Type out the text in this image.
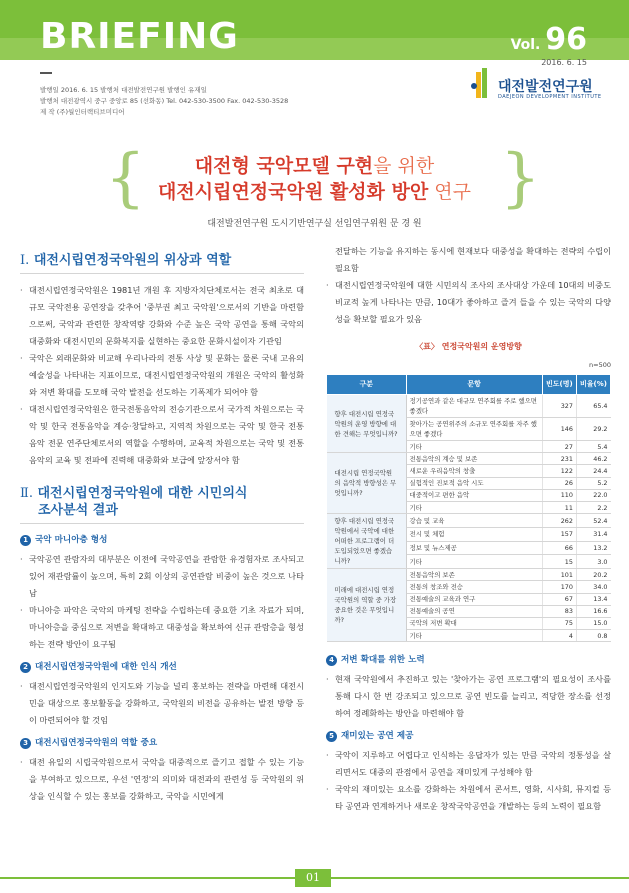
BRIEFING	Vol. 96
2016. 6. 15
발행일 2016. 6. 15 발행처 대전발전연구원 발행인 유재일
발행처 대전광역시 중구 중앙로 85 (선화동) Tel. 042-530-3500 Fax. 042-530-3528
제 작 (주)월인터랙티브미디어
대전발전연구원
DAEJEON DEVELOPMENT INSTITUTE
{	}
대전형 국악모델 구현을 위한
대전시립연정국악원 활성화 방안 연구
대전발전연구원 도시기반연구실 선임연구위원 문 경 원
Ⅰ. 대전시립연정국악원의 위상과 역할
· 대전시립연정국악원은 1981년 개원 후 지방자치단체로서는 전국 최초로 대규모 국악전용 공연장을 갖추어 '중부권 최고 국악원'으로서의 기반을 마련함으로써, 국악과 관련한 창작역량 강화와 수준 높은 국악 공연을 통해 국악의 대중화와 대전시민의 문화복지를 실현하는 중요한 문화시설이자 기관임
· 국악은 외래문화와 비교해 우리나라의 전통 사상 및 문화는 물론 국내 고유의 예술성을 나타내는 지표이므로, 대전시립연정국악원의 개원은 국악의 활성화와 저변 확대를 도모해 국악 발전을 선도하는 기폭제가 되어야 함
· 대전시립연정국악원은 한국전통음악의 전승기관으로서 국가적 차원으로는 국악 및 한국 전통음악을 계승·창달하고, 지역적 차원으로는 국악 및 한국 전통음악 전문 연주단체로서의 역할을 수행하며, 교육적 차원으로는 국악 및 전통음악의 교육 및 전파에 진력해 대중화와 보급에 앞장서야 함
Ⅱ. 대전시립연정국악원에 대한 시민의식
조사분석 결과
1 국악 마니아층 형성
· 국악공연 관람자의 대부분은 이전에 국악공연을 관람한 유경험자로 조사되고 있어 재관람률이 높으며, 특히 2회 이상의 공연관람 비중이 높은 것으로 나타남
· 마니아층 파악은 국악의 마케팅 전략을 수립하는데 중요한 기초 자료가 되며, 마니아층을 중심으로 저변을 확대하고 대중성을 확보하여 신규 관람층을 형성하는 전략 방안이 요구됨
2 대전시립연정국악원에 대한 인식 개선
· 대전시립연정국악원의 인지도와 기능을 널리 홍보하는 전략을 마련해 대전시민을 대상으로 홍보활동을 강화하고, 국악원의 비전을 공유하는 발전 방향 등이 마련되어야 할 것임
3 대전시립연정국악원의 역할 중요
· 대전 유일의 시립국악원으로서 국악을 대중적으로 즐기고 접할 수 있는 기능을 부여하고 있으므로, 우선 '연정'의 의미와 대전과의 관련성 등 국악원의 위상을 인식할 수 있는 홍보를 강화하고, 국악을 시민에게
전달하는 기능을 유지하는 동시에 현재보다 대중성을 확대하는 전략의 수립이 필요함
· 대전시립연정국악원에 대한 시민의식 조사의 조사대상 가운데 10대의 비중도 비교적 높게 나타나는 만큼, 10대가 좋아하고 즐겨 들을 수 있는 국악의 다양성을 확보할 필요가 있음
〈표〉 연정국악원의 운영방향
n=500
구분	문항	빈도(명)	비율(%)
향후 대전시립 연정국악원의 운영 방향에 대한 견해는 무엇입니까?	정기공연과 같은 대규모 연주회를 주로 했으면 좋겠다	327	65.4
	찾아가는 공연위주의 소규모 연주회를 자주 했으면 좋겠다	146	29.2
	기타	27	5.4
대전시립 연정국악원의 음악적 방향성은 무엇입니까?	전통음악의 계승 및 보존	231	46.2
	새로운 우리음악의 창출	122	24.4
	실험적인 진보적 음악 시도	26	5.2
	대중적이고 편한 음악	110	22.0
	기타	11	2.2
향후 대전시립 연정국악원에서 국악에 대한 어떠한 프로그램이 더 도입되었으면 좋겠습니까?	강습 및 교육	262	52.4
	전시 및 체험	157	31.4
	정보 및 뉴스제공	66	13.2
	기타	15	3.0
미래에 대전시립 연정국악원의 역할 중 가장 중요한 것은 무엇입니까?	전통음악의 보존	101	20.2
	전통의 창조와 전승	170	34.0
	전통예술의 교육과 연구	67	13.4
	전통예술의 공연	83	16.6
	국악의 저변 확대	75	15.0
	기타	4	0.8
4 저변 확대를 위한 노력
· 현재 국악원에서 추진하고 있는 '찾아가는 공연 프로그램'의 필요성이 조사를 통해 다시 한 번 강조되고 있으므로 공연 빈도를 늘리고, 적당한 장소를 선정하여 정례화하는 방안을 마련해야 함
5 재미있는 공연 제공
· 국악이 지루하고 어렵다고 인식하는 응답자가 있는 만큼 국악의 정통성을 살리면서도 대중의 관점에서 공연을 재미있게 구성해야 함
· 국악의 재미있는 요소를 강화하는 차원에서 콘서트, 영화, 시사회, 뮤지컬 등 타 공연과 연계하거나 새로운 창작국악공연을 개발하는 등의 노력이 필요함
01
